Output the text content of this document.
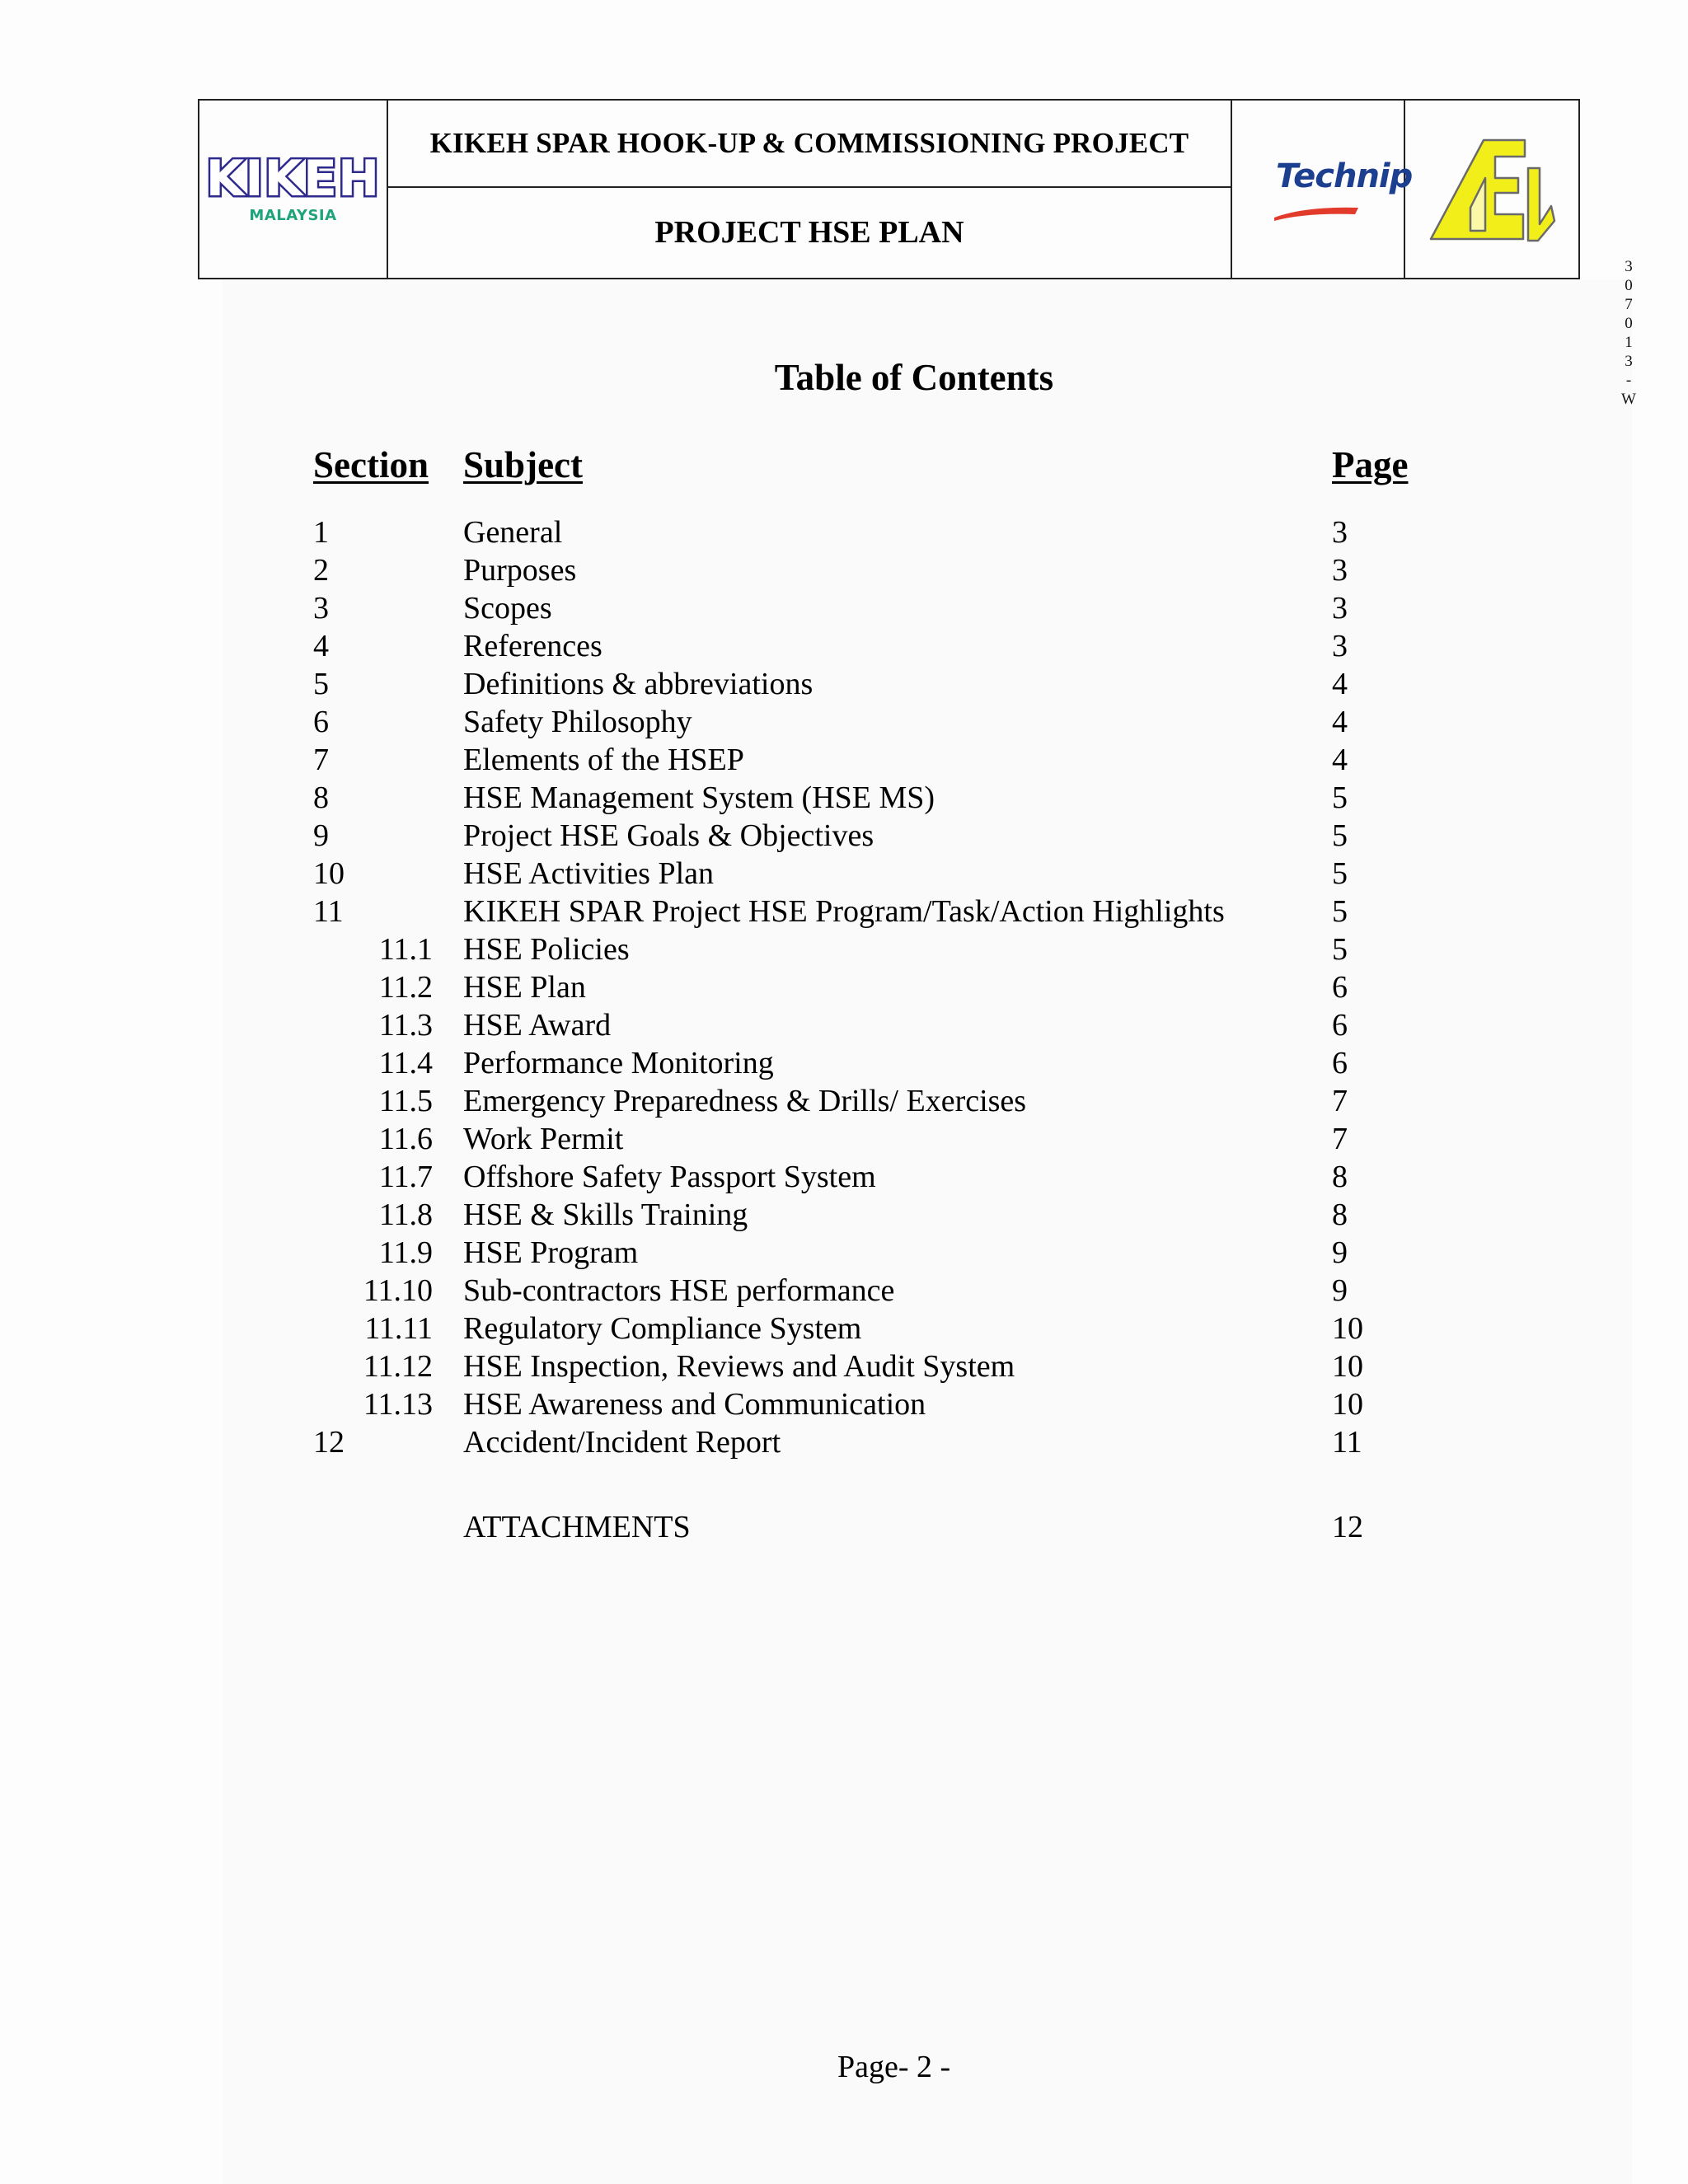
KIKEH
MALAYSIA
KIKEH SPAR HOOK-UP & COMMISSIONING PROJECT
PROJECT HSE PLAN
Technip
3
0
7
0
1
3
-
W
Table of Contents
Section Subject	Page
1	General	3
2	Purposes	3
3	Scopes	3
4	References	3
5	Definitions & abbreviations	4
6	Safety Philosophy	4
7	Elements of the HSEP	4
8	HSE Management System (HSE MS)	5
9	Project HSE Goals & Objectives	5
10	HSE Activities Plan	5
11	KIKEH SPAR Project HSE Program/Task/Action Highlights	5
11.1 HSE Policies	5
11.2 HSE Plan	6
11.3 HSE Award	6
11.4 Performance Monitoring	6
11.5 Emergency Preparedness & Drills/ Exercises	7
11.6 Work Permit	7
11.7 Offshore Safety Passport System	8
11.8 HSE & Skills Training	8
11.9 HSE Program	9
11.10 Sub-contractors HSE performance	9
11.11 Regulatory Compliance System	10
11.12 HSE Inspection, Reviews and Audit System	10
11.13 HSE Awareness and Communication	10
12	Accident/Incident Report	11
ATTACHMENTS	12
Page- 2 -
